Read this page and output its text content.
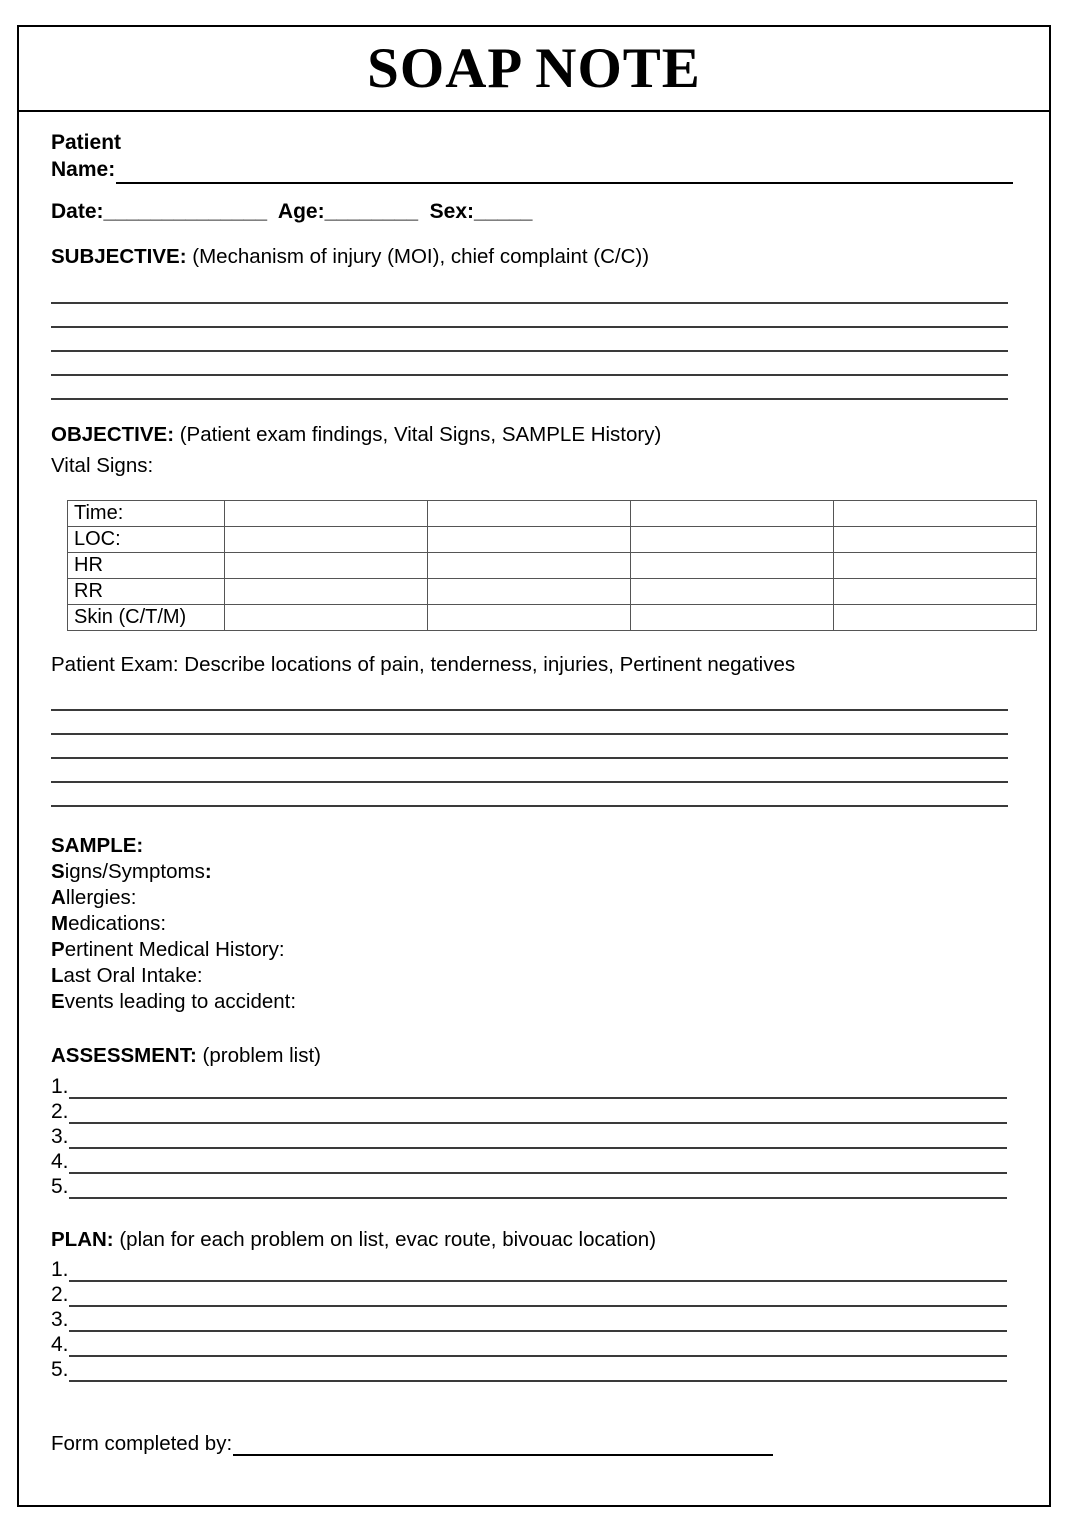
SOAP NOTE
Patient
Name:
Date:______________  Age:________  Sex:_____
SUBJECTIVE: (Mechanism of injury (MOI), chief complaint (C/C))
OBJECTIVE: (Patient exam findings, Vital Signs, SAMPLE History)
Vital Signs:
Time:				
LOC:				
HR				
RR				
Skin (C/T/M)				
Patient Exam: Describe locations of pain, tenderness, injuries, Pertinent negatives
SAMPLE:
Signs/Symptoms:
Allergies:
Medications:
Pertinent Medical History:
Last Oral Intake:
Events leading to accident:
ASSESSMENT: (problem list)
1.
2.
3.
4.
5.
PLAN: (plan for each problem on list, evac route, bivouac location)
1.
2.
3.
4.
5.
Form completed by:
